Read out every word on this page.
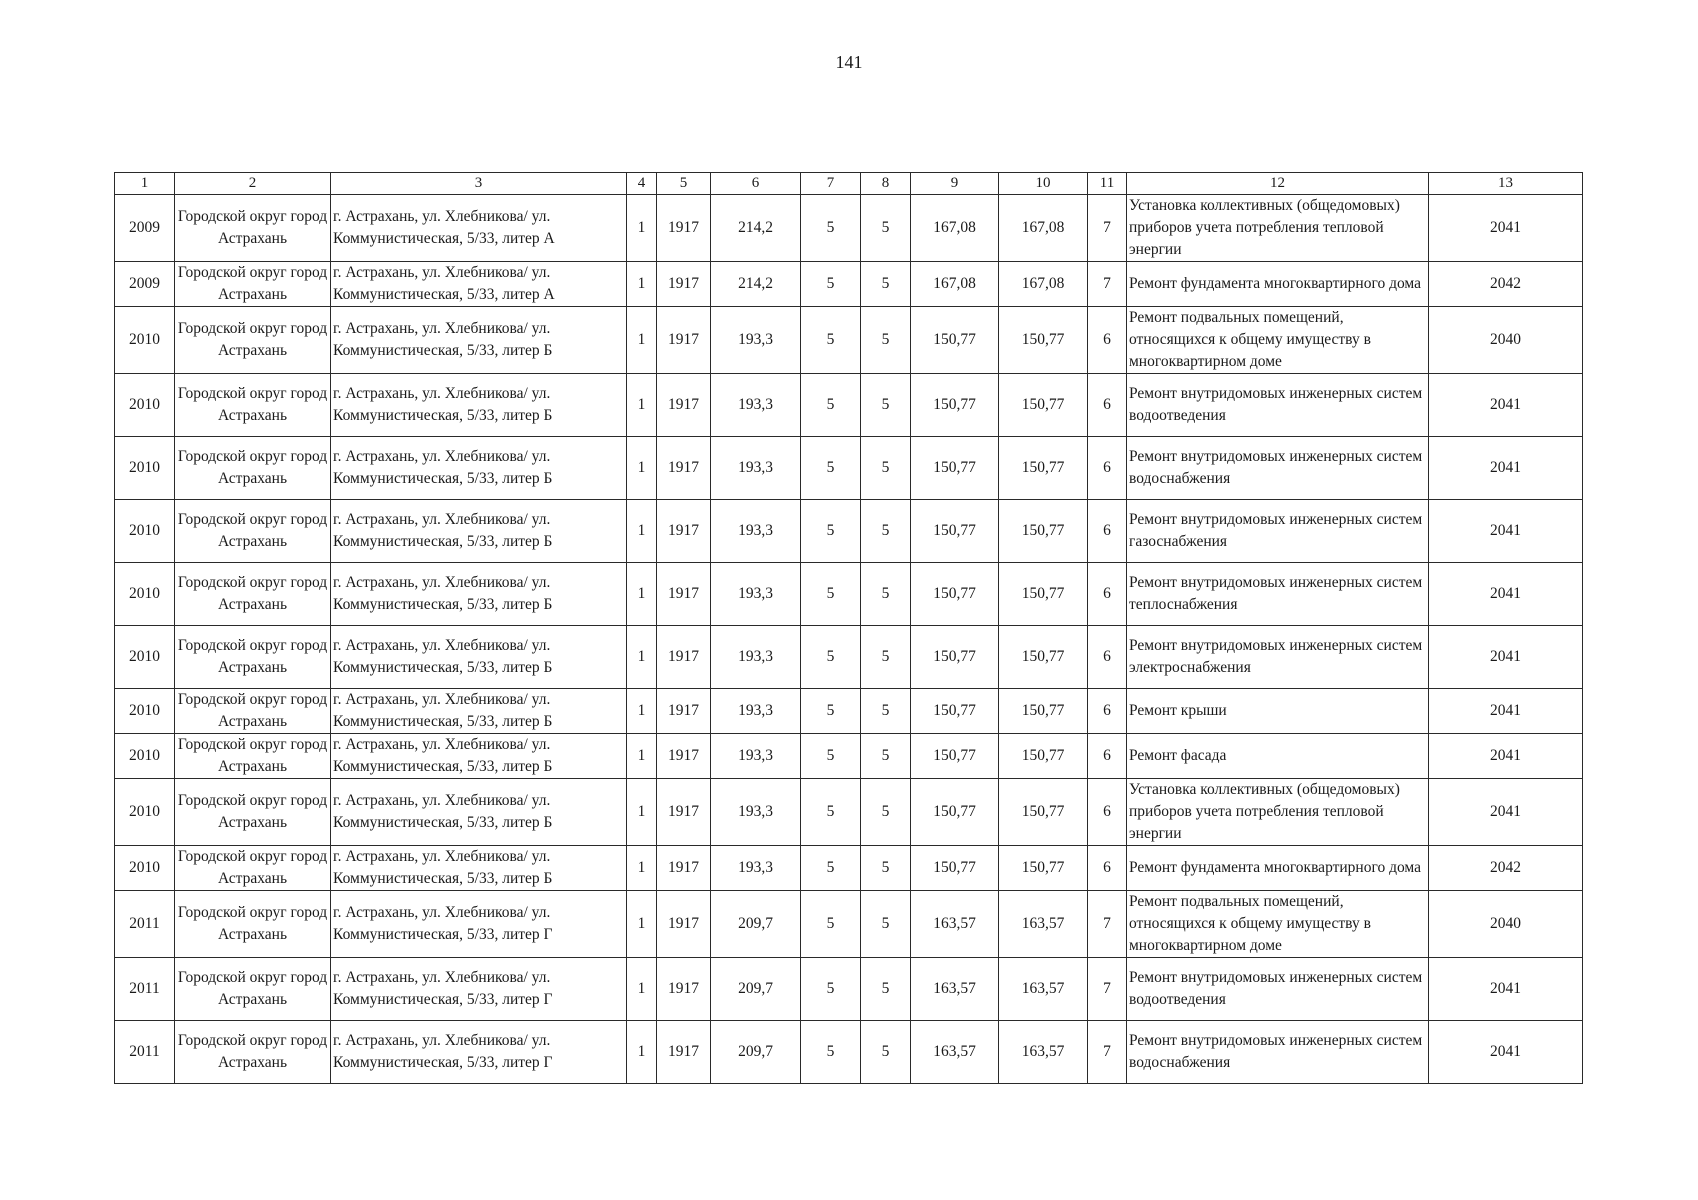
141
1	2	3	4	5	6	7	8	9	10	11	12	13
2009	Городской округ город Астрахань	г. Астрахань, ул. Хлебникова/ ул. Коммунистическая, 5/33, литер А	1	1917	214,2	5	5	167,08	167,08	7	Установка коллективных (общедомовых) приборов учета потребления тепловой энергии	2041
2009	Городской округ город Астрахань	г. Астрахань, ул. Хлебникова/ ул. Коммунистическая, 5/33, литер А	1	1917	214,2	5	5	167,08	167,08	7	Ремонт фундамента многоквартирного дома	2042
2010	Городской округ город Астрахань	г. Астрахань, ул. Хлебникова/ ул. Коммунистическая, 5/33, литер Б	1	1917	193,3	5	5	150,77	150,77	6	Ремонт подвальных помещений, относящихся к общему имуществу в многоквартирном доме	2040
2010	Городской округ город Астрахань	г. Астрахань, ул. Хлебникова/ ул. Коммунистическая, 5/33, литер Б	1	1917	193,3	5	5	150,77	150,77	6	Ремонт внутридомовых инженерных систем водоотведения	2041
2010	Городской округ город Астрахань	г. Астрахань, ул. Хлебникова/ ул. Коммунистическая, 5/33, литер Б	1	1917	193,3	5	5	150,77	150,77	6	Ремонт внутридомовых инженерных систем водоснабжения	2041
2010	Городской округ город Астрахань	г. Астрахань, ул. Хлебникова/ ул. Коммунистическая, 5/33, литер Б	1	1917	193,3	5	5	150,77	150,77	6	Ремонт внутридомовых инженерных систем газоснабжения	2041
2010	Городской округ город Астрахань	г. Астрахань, ул. Хлебникова/ ул. Коммунистическая, 5/33, литер Б	1	1917	193,3	5	5	150,77	150,77	6	Ремонт внутридомовых инженерных систем теплоснабжения	2041
2010	Городской округ город Астрахань	г. Астрахань, ул. Хлебникова/ ул. Коммунистическая, 5/33, литер Б	1	1917	193,3	5	5	150,77	150,77	6	Ремонт внутридомовых инженерных систем электроснабжения	2041
2010	Городской округ город Астрахань	г. Астрахань, ул. Хлебникова/ ул. Коммунистическая, 5/33, литер Б	1	1917	193,3	5	5	150,77	150,77	6	Ремонт крыши	2041
2010	Городской округ город Астрахань	г. Астрахань, ул. Хлебникова/ ул. Коммунистическая, 5/33, литер Б	1	1917	193,3	5	5	150,77	150,77	6	Ремонт фасада	2041
2010	Городской округ город Астрахань	г. Астрахань, ул. Хлебникова/ ул. Коммунистическая, 5/33, литер Б	1	1917	193,3	5	5	150,77	150,77	6	Установка коллективных (общедомовых) приборов учета потребления тепловой энергии	2041
2010	Городской округ город Астрахань	г. Астрахань, ул. Хлебникова/ ул. Коммунистическая, 5/33, литер Б	1	1917	193,3	5	5	150,77	150,77	6	Ремонт фундамента многоквартирного дома	2042
2011	Городской округ город Астрахань	г. Астрахань, ул. Хлебникова/ ул. Коммунистическая, 5/33, литер Г	1	1917	209,7	5	5	163,57	163,57	7	Ремонт подвальных помещений, относящихся к общему имуществу в многоквартирном доме	2040
2011	Городской округ город Астрахань	г. Астрахань, ул. Хлебникова/ ул. Коммунистическая, 5/33, литер Г	1	1917	209,7	5	5	163,57	163,57	7	Ремонт внутридомовых инженерных систем водоотведения	2041
2011	Городской округ город Астрахань	г. Астрахань, ул. Хлебникова/ ул. Коммунистическая, 5/33, литер Г	1	1917	209,7	5	5	163,57	163,57	7	Ремонт внутридомовых инженерных систем водоснабжения	2041
